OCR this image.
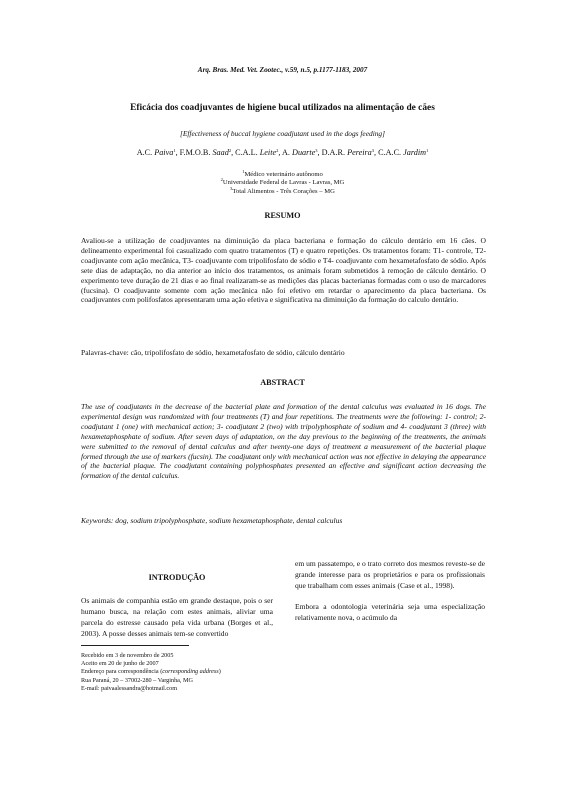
Arq. Bras. Med. Vet. Zootec., v.59, n.5, p.1177-1183, 2007
Eficácia dos coadjuvantes de higiene bucal utilizados na alimentação de cães
[Effectiveness of buccal hygiene coadjutant used in the dogs feeding]
A.C. Paiva$^1$, F.M.O.B. Saad$^2$, C.A.L. Leite$^2$, A. Duarte$^3$, D.A.R. Pereira$^3$, C.A.C. Jardim$^1$
$^1$Médico veterinário autônomo
$^2$Universidade Federal de Lavras - Lavras, MG
$^3$Total Alimentos - Três Corações – MG
RESUMO
Avaliou-se a utilização de coadjuvantes na diminuição da placa bacteriana e formação do cálculo dentário em 16 cães. O delineamento experimental foi casualizado com quatro tratamentos (T) e quatro repetições. Os tratamentos foram: T1- controle, T2- coadjuvante com ação mecânica, T3- coadjuvante com tripolifosfato de sódio e T4- coadjuvante com hexametafosfato de sódio. Após sete dias de adaptação, no dia anterior ao início dos tratamentos, os animais foram submetidos à remoção de cálculo dentário. O experimento teve duração de 21 dias e ao final realizaram-se as medições das placas bacterianas formadas com o uso de marcadores (fucsina). O coadjuvante somente com ação mecânica não foi efetivo em retardar o aparecimento da placa bacteriana. Os coadjuvantes com polifosfatos apresentaram uma ação efetiva e significativa na diminuição da formação do calculo dentário.
Palavras-chave: cão, tripolifosfato de sódio, hexametafosfato de sódio, cálculo dentário
ABSTRACT
The use of coadjutants in the decrease of the bacterial plate and formation of the dental calculus was evaluated in 16 dogs. The experimental design was randomized with four treatments (T) and four repetitions. The treatments were the following: 1- control; 2- coadjutant 1 (one) with mechanical action; 3- coadjutant 2 (two) with tripolyphosphate of sodium and 4- coadjutant 3 (three) with hexametaphosphate of sodium. After seven days of adaptation, on the day previous to the beginning of the treatments, the animals were submitted to the removal of dental calculus and after twenty-one days of treatment a measurement of the bacterial plaque formed through the use of markers (fucsin). The coadjutant only with mechanical action was not effective in delaying the appearance of the bacterial plaque. The coadjutant containing polyphosphates presented an effective and significant action decreasing the formation of the dental calculus.
Keywords: dog, sodium tripolyphosphate, sodium hexametaphosphate, dental calculus
INTRODUÇÃO

Os animais de companhia estão em grande destaque, pois o ser humano busca, na relação com estes animais, aliviar uma parcela do estresse causado pela vida urbana (Borges et al., 2003). A posse desses animais tem-se convertido

em um passatempo, e o trato correto dos mesmos reveste-se de grande interesse para os proprietários e para os profissionais que trabalham com esses animais (Case et al., 1998).

Embora a odontologia veterinária seja uma especialização relativamente nova, o acúmulo da

Recebido em 3 de novembro de 2005
Aceito em 20 de junho de 2007
Endereço para correspondência (corresponding address)
Rua Paraná, 20 – 37002-280 – Varginha, MG
E-mail: paivaalessandra@hotmail.com
